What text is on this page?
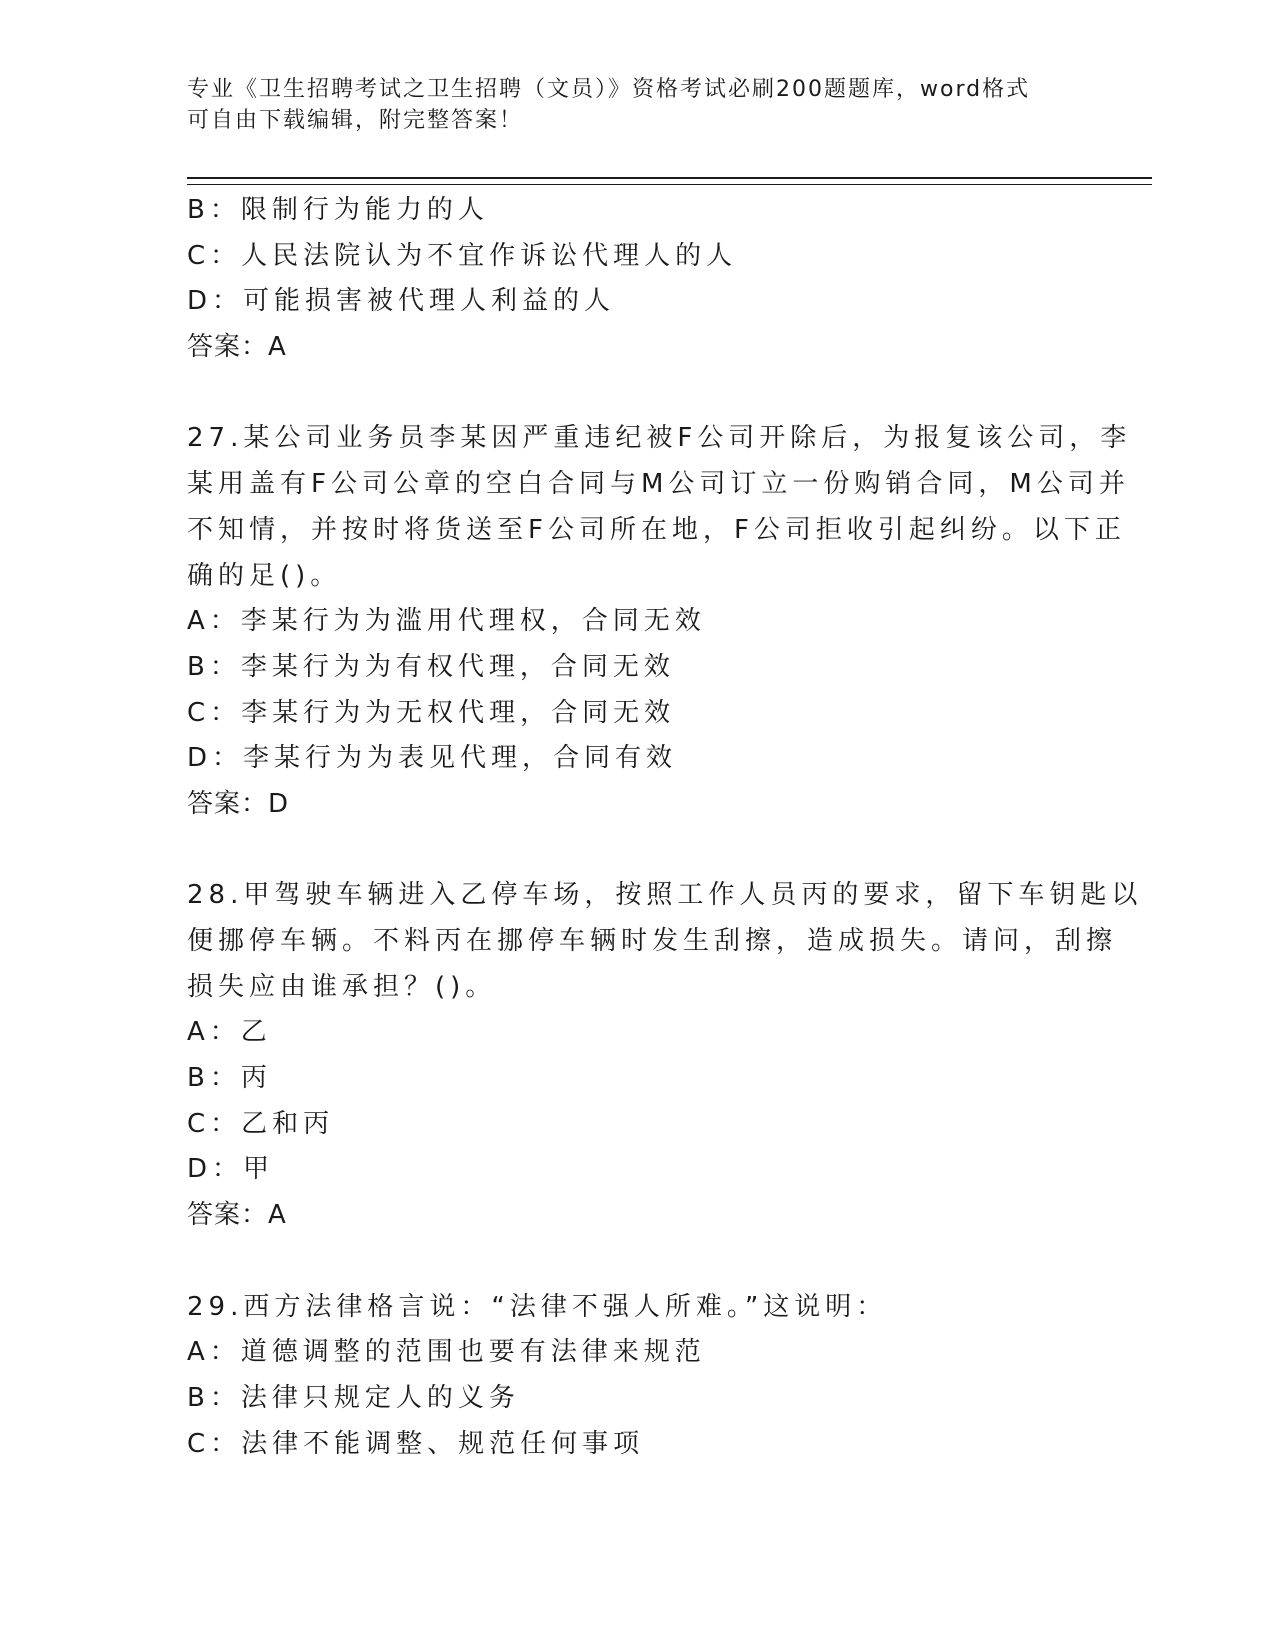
专业《卫生招聘考试之卫生招聘（文员）》资格考试必刷200题题库，word格式
可自由下载编辑，附完整答案！
B：限制行为能力的人
C：人民法院认为不宜作诉讼代理人的人
D：可能损害被代理人利益的人
答案：A
27.某公司业务员李某因严重违纪被F公司开除后，为报复该公司，李
某用盖有F公司公章的空白合同与M公司订立一份购销合同，M公司并
不知情，并按时将货送至F公司所在地，F公司拒收引起纠纷。以下正
确的足()。
A：李某行为为滥用代理权，合同无效
B：李某行为为有权代理，合同无效
C：李某行为为无权代理，合同无效
D：李某行为为表见代理，合同有效
答案：D
28.甲驾驶车辆进入乙停车场，按照工作人员丙的要求，留下车钥匙以
便挪停车辆。不料丙在挪停车辆时发生刮擦，造成损失。请问，刮擦
损失应由谁承担？()。
A：乙
B：丙
C：乙和丙
D：甲
答案：A
29.西方法律格言说：“法律不强人所难。”这说明：
A：道德调整的范围也要有法律来规范
B：法律只规定人的义务
C：法律不能调整、规范任何事项
